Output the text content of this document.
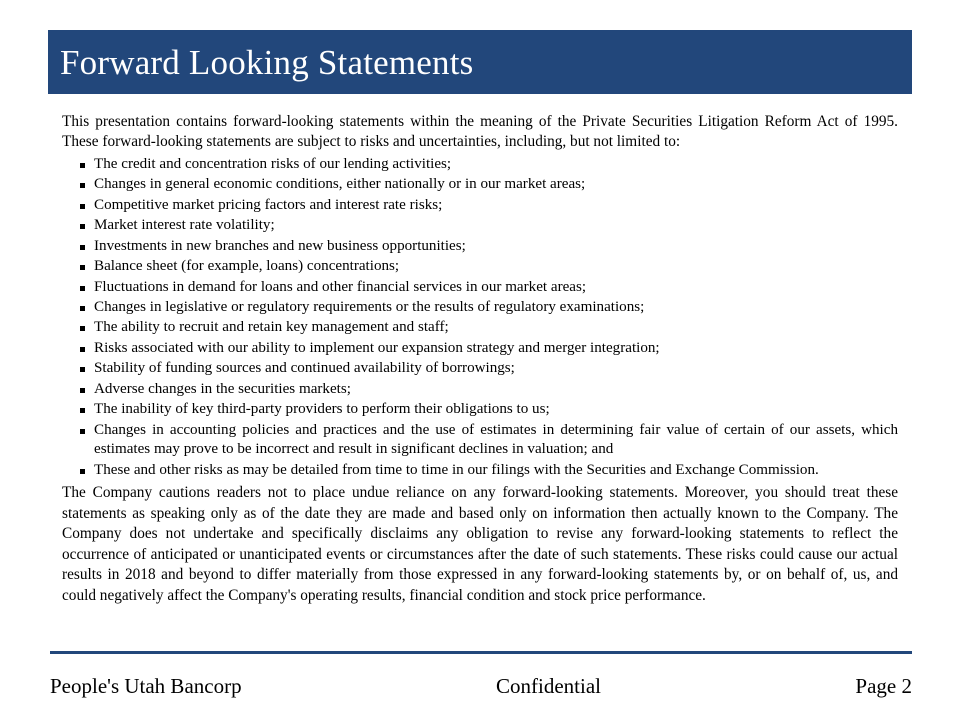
Forward Looking Statements

This presentation contains forward-looking statements within the meaning of the Private Securities Litigation Reform Act of 1995. These forward-looking statements are subject to risks and uncertainties, including, but not limited to:

The credit and concentration risks of our lending activities;
Changes in general economic conditions, either nationally or in our market areas;
Competitive market pricing factors and interest rate risks;
Market interest rate volatility;
Investments in new branches and new business opportunities;
Balance sheet (for example, loans) concentrations;
Fluctuations in demand for loans and other financial services in our market areas;
Changes in legislative or regulatory requirements or the results of regulatory examinations;
The ability to recruit and retain key management and staff;
Risks associated with our ability to implement our expansion strategy and merger integration;
Stability of funding sources and continued availability of borrowings;
Adverse changes in the securities markets;
The inability of key third-party providers to perform their obligations to us;
Changes in accounting policies and practices and the use of estimates in determining fair value of certain of our assets, which estimates may prove to be incorrect and result in significant declines in valuation; and
These and other risks as may be detailed from time to time in our filings with the Securities and Exchange Commission.

The Company cautions readers not to place undue reliance on any forward-looking statements. Moreover, you should treat these statements as speaking only as of the date they are made and based only on information then actually known to the Company. The Company does not undertake and specifically disclaims any obligation to revise any forward-looking statements to reflect the occurrence of anticipated or unanticipated events or circumstances after the date of such statements. These risks could cause our actual results in 2018 and beyond to differ materially from those expressed in any forward-looking statements by, or on behalf of, us, and could negatively affect the Company's operating results, financial condition and stock price performance.

People's Utah Bancorp	Confidential	Page 2
